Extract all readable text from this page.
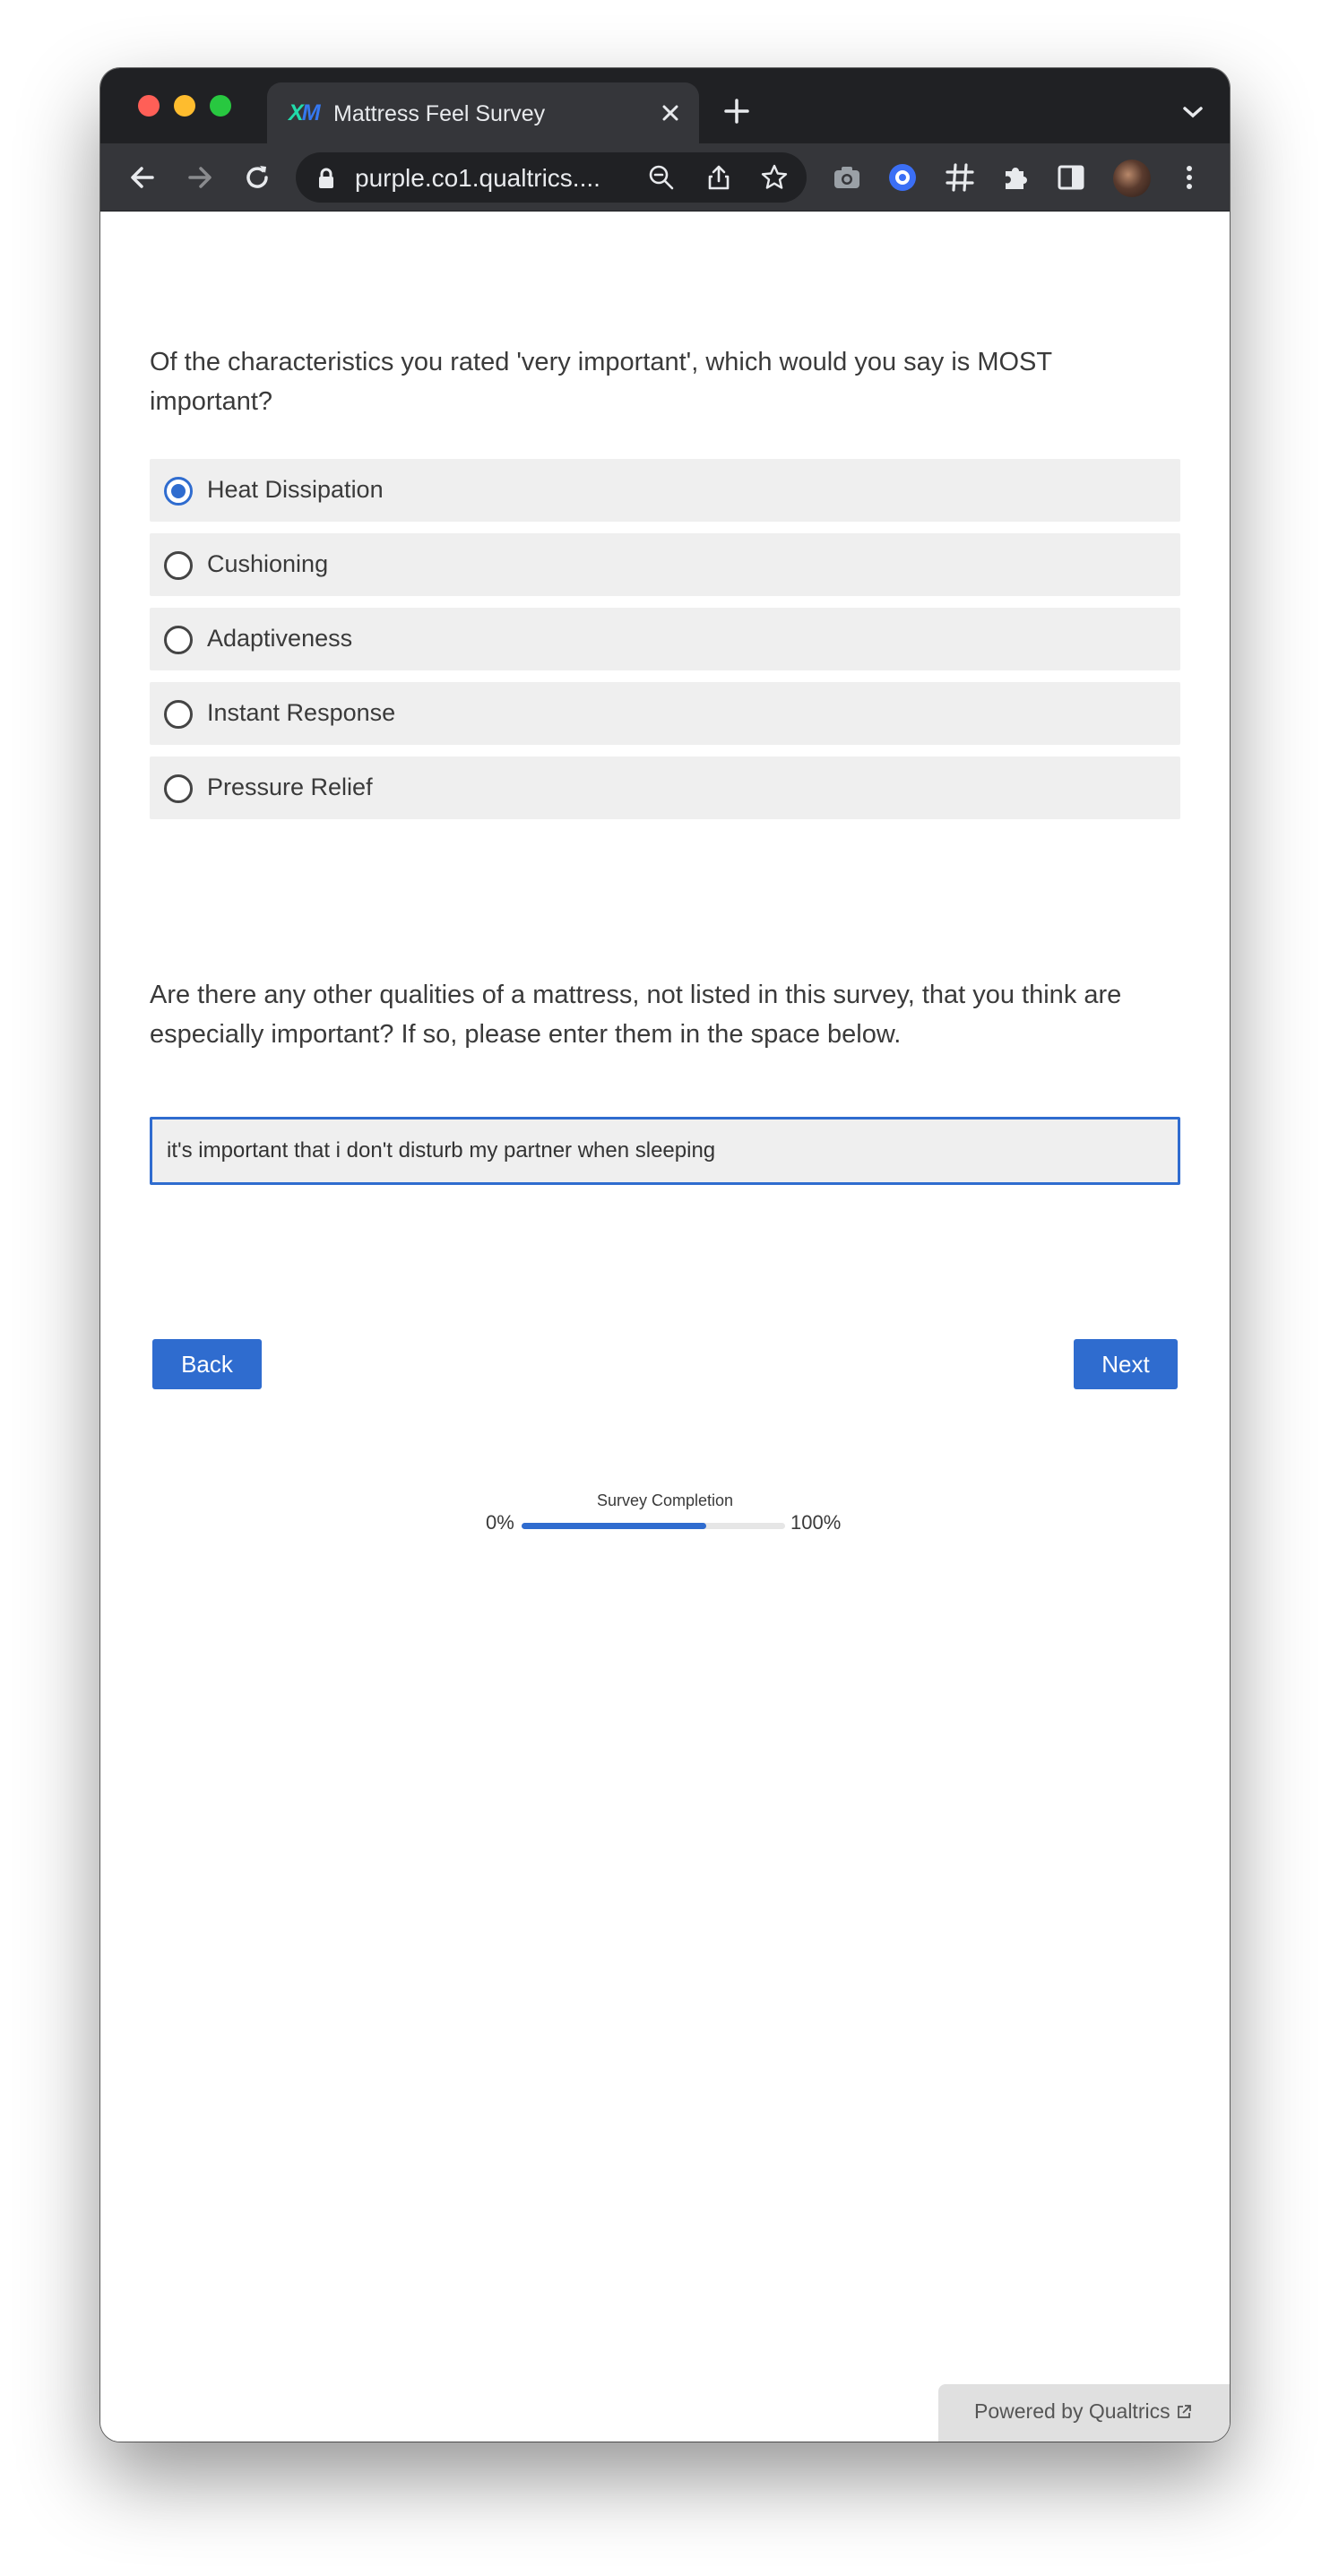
XM Mattress Feel Survey
purple.co1.qualtrics....
Of the characteristics you rated 'very important', which would you say is MOST important?
Heat Dissipation
Cushioning
Adaptiveness
Instant Response
Pressure Relief
Are there any other qualities of a mattress, not listed in this survey, that you think are especially important? If so, please enter them in the space below.
it's important that i don't disturb my partner when sleeping
Back	Next
Survey Completion
0%	100%
Powered by Qualtrics
